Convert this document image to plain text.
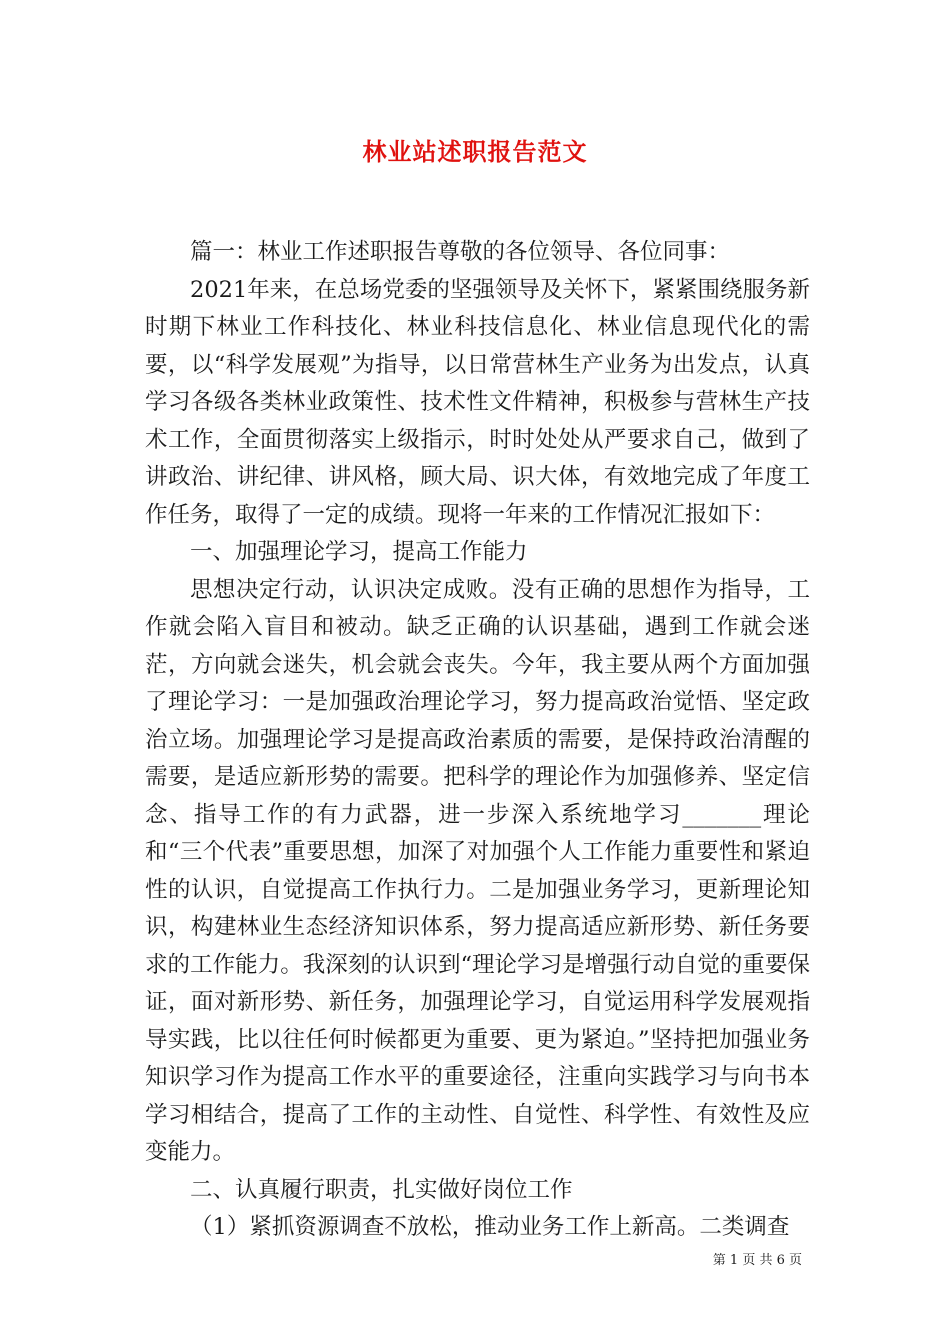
林业站述职报告范文

篇一：林业工作述职报告尊敬的各位领导、各位同事：

2021年来，在总场党委的坚强领导及关怀下，紧紧围绕服务新时期下林业工作科技化、林业科技信息化、林业信息现代化的需要，以“科学发展观”为指导，以日常营林生产业务为出发点，认真学习各级各类林业政策性、技术性文件精神，积极参与营林生产技术工作，全面贯彻落实上级指示，时时处处从严要求自己，做到了讲政治、讲纪律、讲风格，顾大局、识大体，有效地完成了年度工作任务，取得了一定的成绩。现将一年来的工作情况汇报如下：

一、加强理论学习，提高工作能力

思想决定行动，认识决定成败。没有正确的思想作为指导，工作就会陷入盲目和被动。缺乏正确的认识基础，遇到工作就会迷茫，方向就会迷失，机会就会丧失。今年，我主要从两个方面加强了理论学习：一是加强政治理论学习，努力提高政治觉悟、坚定政治立场。加强理论学习是提高政治素质的需要，是保持政治清醒的需要，是适应新形势的需要。把科学的理论作为加强修养、坚定信念、指导工作的有力武器，进一步深入系统地学习_______理论和“三个代表”重要思想，加深了对加强个人工作能力重要性和紧迫性的认识，自觉提高工作执行力。二是加强业务学习，更新理论知识，构建林业生态经济知识体系，努力提高适应新形势、新任务要求的工作能力。我深刻的认识到“理论学习是增强行动自觉的重要保证，面对新形势、新任务，加强理论学习，自觉运用科学发展观指导实践，比以往任何时候都更为重要、更为紧迫。”坚持把加强业务知识学习作为提高工作水平的重要途径，注重向实践学习与向书本学习相结合，提高了工作的主动性、自觉性、科学性、有效性及应变能力。

二、认真履行职责，扎实做好岗位工作

（1）紧抓资源调查不放松，推动业务工作上新高。二类调查

第 1 页 共 6 页
